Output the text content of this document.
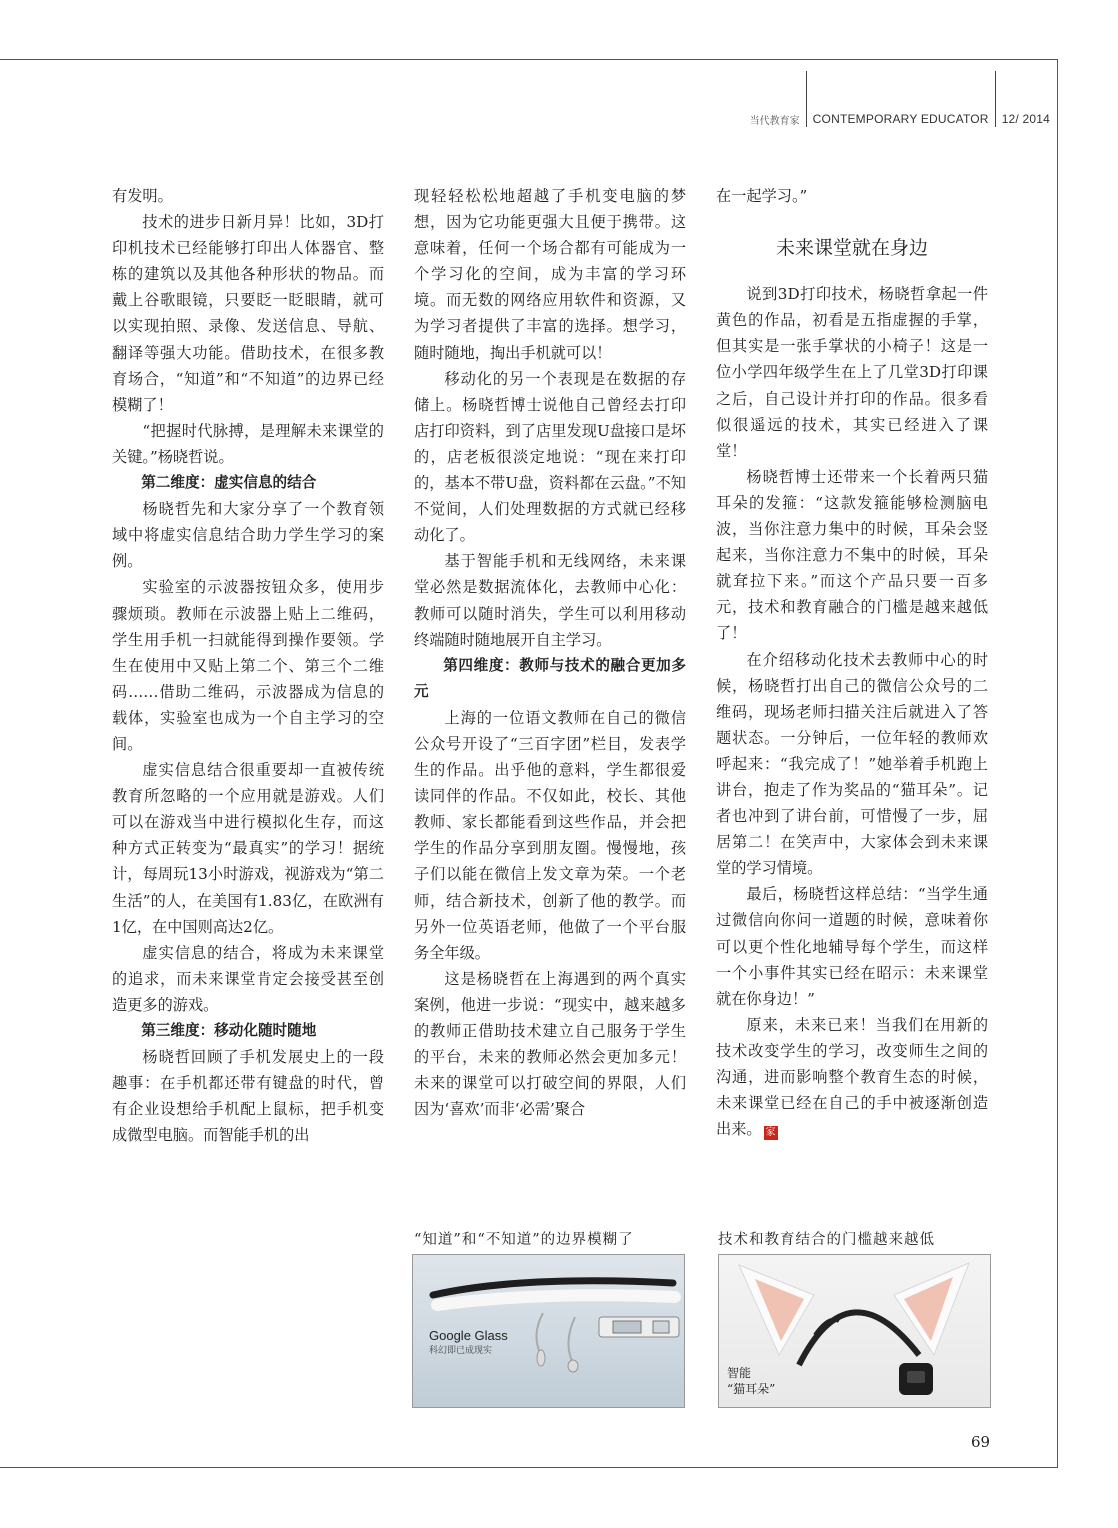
当代教育家 CONTEMPORARY EDUCATOR 12/ 2014

有发明。

技术的进步日新月异！比如，3D打印机技术已经能够打印出人体器官、整栋的建筑以及其他各种形状的物品。而戴上谷歌眼镜，只要眨一眨眼睛，就可以实现拍照、录像、发送信息、导航、翻译等强大功能。借助技术，在很多教育场合，“知道”和“不知道”的边界已经模糊了！

“把握时代脉搏，是理解未来课堂的关键。”杨晓哲说。

第二维度：虚实信息的结合

杨晓哲先和大家分享了一个教育领域中将虚实信息结合助力学生学习的案例。

实验室的示波器按钮众多，使用步骤烦琐。教师在示波器上贴上二维码，学生用手机一扫就能得到操作要领。学生在使用中又贴上第二个、第三个二维码……借助二维码，示波器成为信息的载体，实验室也成为一个自主学习的空间。

虚实信息结合很重要却一直被传统教育所忽略的一个应用就是游戏。人们可以在游戏当中进行模拟化生存，而这种方式正转变为“最真实”的学习！据统计，每周玩13小时游戏，视游戏为“第二生活”的人，在美国有1.83亿，在欧洲有1亿，在中国则高达2亿。

虚实信息的结合，将成为未来课堂的追求，而未来课堂肯定会接受甚至创造更多的游戏。

第三维度：移动化随时随地

杨晓哲回顾了手机发展史上的一段趣事：在手机都还带有键盘的时代，曾有企业设想给手机配上鼠标，把手机变成微型电脑。而智能手机的出

现轻轻松松地超越了手机变电脑的梦想，因为它功能更强大且便于携带。这意味着，任何一个场合都有可能成为一个学习化的空间，成为丰富的学习环境。而无数的网络应用软件和资源，又为学习者提供了丰富的选择。想学习，随时随地，掏出手机就可以！

移动化的另一个表现是在数据的存储上。杨晓哲博士说他自己曾经去打印店打印资料，到了店里发现U盘接口是坏的，店老板很淡定地说：“现在来打印的，基本不带U盘，资料都在云盘。”不知不觉间，人们处理数据的方式就已经移动化了。

基于智能手机和无线网络，未来课堂必然是数据流体化，去教师中心化：教师可以随时消失，学生可以利用移动终端随时随地展开自主学习。

第四维度：教师与技术的融合更加多元

上海的一位语文教师在自己的微信公众号开设了“三百字团”栏目，发表学生的作品。出乎他的意料，学生都很爱读同伴的作品。不仅如此，校长、其他教师、家长都能看到这些作品，并会把学生的作品分享到朋友圈。慢慢地，孩子们以能在微信上发文章为荣。一个老师，结合新技术，创新了他的教学。而另外一位英语老师，他做了一个平台服务全年级。

这是杨晓哲在上海遇到的两个真实案例，他进一步说：“现实中，越来越多的教师正借助技术建立自己服务于学生的平台，未来的教师必然会更加多元！未来的课堂可以打破空间的界限，人们因为‘喜欢’而非‘必需’聚合

在一起学习。”

未来课堂就在身边

说到3D打印技术，杨晓哲拿起一件黄色的作品，初看是五指虚握的手掌，但其实是一张手掌状的小椅子！这是一位小学四年级学生在上了几堂3D打印课之后，自己设计并打印的作品。很多看似很遥远的技术，其实已经进入了课堂！

杨晓哲博士还带来一个长着两只猫耳朵的发箍：“这款发箍能够检测脑电波，当你注意力集中的时候，耳朵会竖起来，当你注意力不集中的时候，耳朵就耷拉下来。”而这个产品只要一百多元，技术和教育融合的门槛是越来越低了！

在介绍移动化技术去教师中心的时候，杨晓哲打出自己的微信公众号的二维码，现场老师扫描关注后就进入了答题状态。一分钟后，一位年轻的教师欢呼起来：“我完成了！”她举着手机跑上讲台，抱走了作为奖品的“猫耳朵”。记者也冲到了讲台前，可惜慢了一步，屈居第二！在笑声中，大家体会到未来课堂的学习情境。

最后，杨晓哲这样总结：“当学生通过微信向你问一道题的时候，意味着你可以更个性化地辅导每个学生，而这样一个小事件其实已经在昭示：未来课堂就在你身边！”

原来，未来已来！当我们在用新的技术改变学生的学习，改变师生之间的沟通，进而影响整个教育生态的时候，未来课堂已经在自己的手中被逐渐创造出来。 家

“知道”和“不知道”的边界模糊了	技术和教育结合的门槛越来越低
Google Glass
科幻即已成现实
智能
“猫耳朵”
69
